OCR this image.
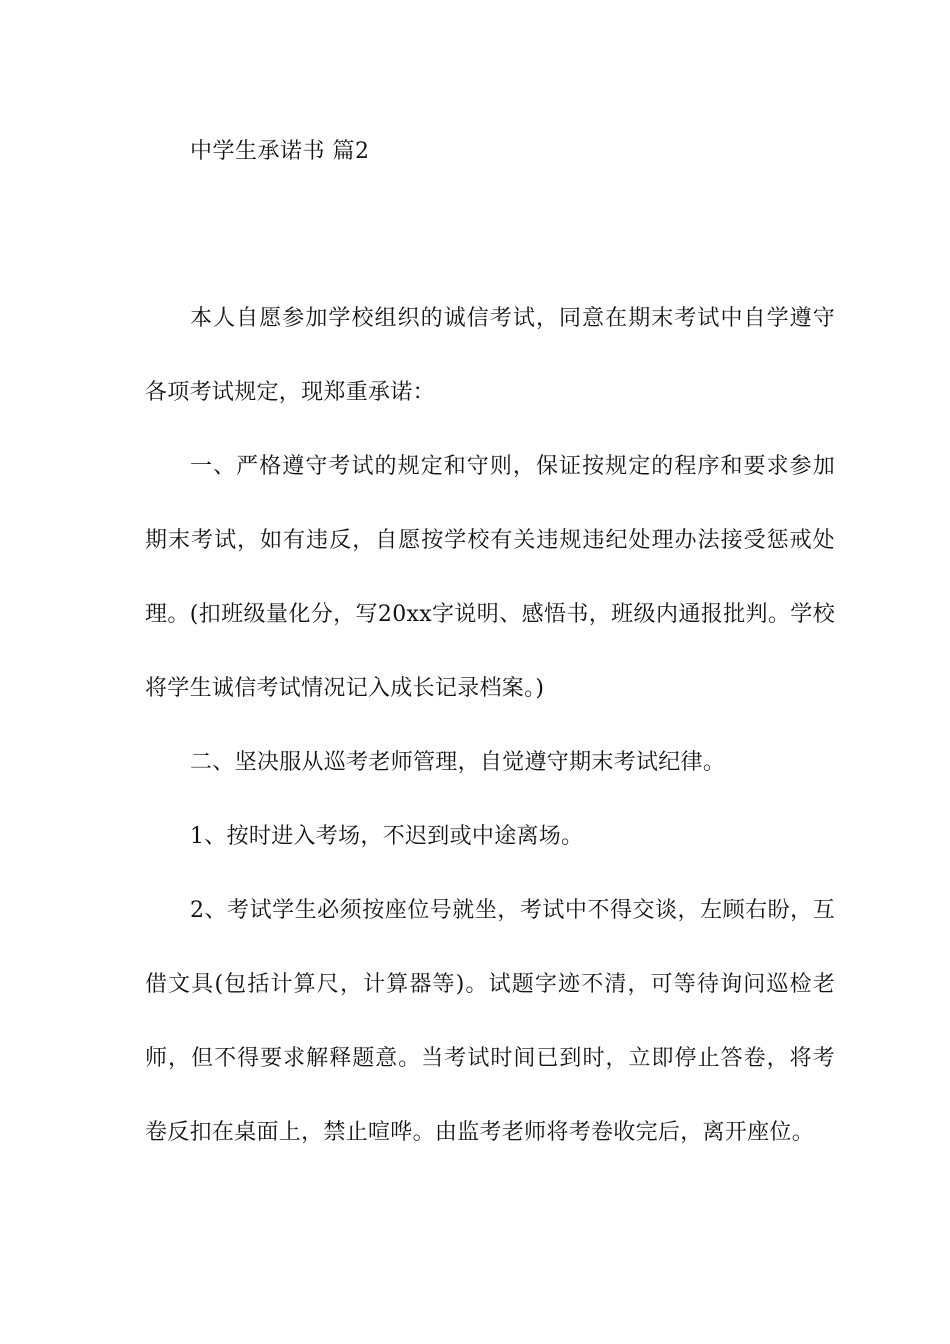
中学生承诺书 篇2

本人自愿参加学校组织的诚信考试，同意在期末考试中自学遵守各项考试规定，现郑重承诺：

一、严格遵守考试的规定和守则，保证按规定的程序和要求参加期末考试，如有违反，自愿按学校有关违规违纪处理办法接受惩戒处理。(扣班级量化分，写20xx字说明、感悟书，班级内通报批判。学校将学生诚信考试情况记入成长记录档案。)

二、坚决服从巡考老师管理，自觉遵守期末考试纪律。

1、按时进入考场，不迟到或中途离场。

2、考试学生必须按座位号就坐，考试中不得交谈，左顾右盼，互借文具(包括计算尺，计算器等)。试题字迹不清，可等待询问巡检老师，但不得要求解释题意。当考试时间已到时，立即停止答卷，将考卷反扣在桌面上，禁止喧哗。由监考老师将考卷收完后，离开座位。
